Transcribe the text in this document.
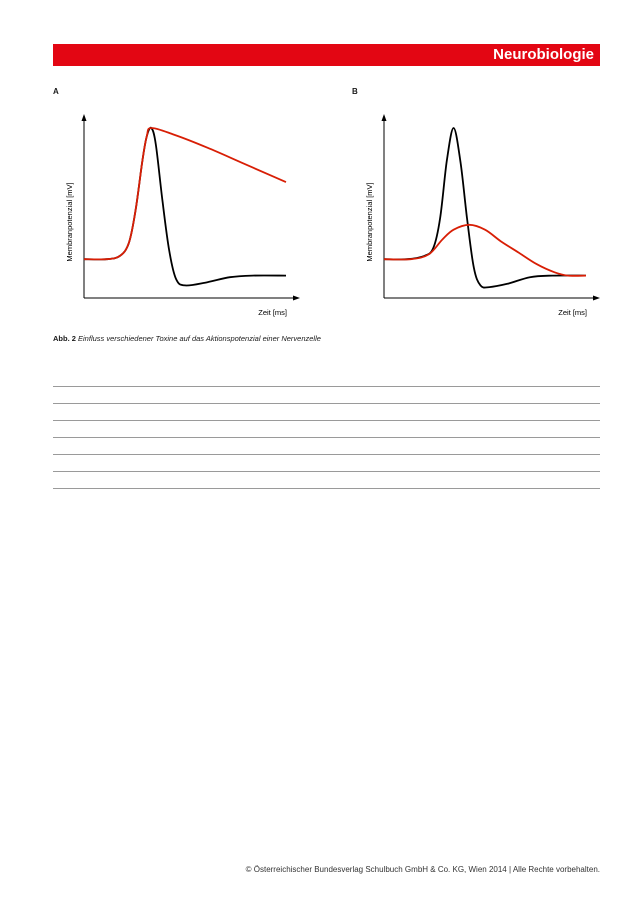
Neurobiologie
A	B
Membranpotenzial [mV]
Zeit [ms]
Membranpotenzial [mV]
Zeit [ms]
Abb. 2 Einfluss verschiedener Toxine auf das Aktionspotenzial einer Nervenzelle
© Österreichischer Bundesverlag Schulbuch GmbH & Co. KG, Wien 2014 | Alle Rechte vorbehalten.
